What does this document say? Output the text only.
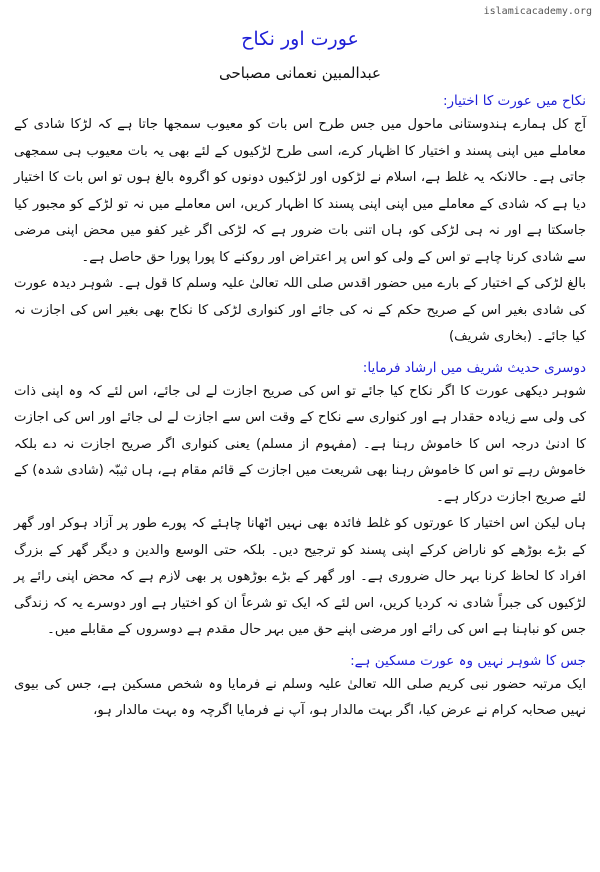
islamicacademy.org
عورت اور نکاح
عبدالمبین نعمانی مصباحی
نکاح میں عورت کا اختیار:

آج کل ہمارے ہندوستانی ماحول میں جس طرح اس بات کو معیوب سمجھا جاتا ہے کہ لڑکا شادی کے معاملے میں اپنی پسند و اختیار کا اظہار کرے، اسی طرح لڑکیوں کے لئے بھی یہ بات معیوب ہی سمجھی جاتی ہے۔ حالانکہ یہ غلط ہے، اسلام نے لڑکوں اور لڑکیوں دونوں کو اگروہ بالغ ہوں تو اس بات کا اختیار دیا ہے کہ شادی کے معاملے میں اپنی اپنی پسند کا اظہار کریں، اس معاملے میں نہ تو لڑکے کو مجبور کیا جاسکتا ہے اور نہ ہی لڑکی کو، ہاں اتنی بات ضرور ہے کہ لڑکی اگر غیر کفو میں محض اپنی مرضی سے شادی کرنا چاہے تو اس کے ولی کو اس پر اعتراض اور روکنے کا پورا پورا حق حاصل ہے۔

بالغ لڑکی کے اختیار کے بارے میں حضور اقدس صلی اللہ تعالیٰ علیہ وسلم کا قول ہے۔ شوہر دیدہ عورت کی شادی بغیر اس کے صریح حکم کے نہ کی جائے اور کنواری لڑکی کا نکاح بھی بغیر اس کی اجازت نہ کیا جائے۔ (بخاری شریف)

دوسری حدیث شریف میں ارشاد فرمایا:

شوہر دیکھی عورت کا اگر نکاح کیا جائے تو اس کی صریح اجازت لے لی جائے، اس لئے کہ وہ اپنی ذات کی ولی سے زیادہ حقدار ہے اور کنواری سے نکاح کے وقت اس سے اجازت لے لی جائے اور اس کی اجازت کا ادنیٰ درجہ اس کا خاموش رہنا ہے۔ (مفہوم از مسلم) یعنی کنواری اگر صریح اجازت نہ دے بلکہ خاموش رہے تو اس کا خاموش رہنا بھی شریعت میں اجازت کے قائم مقام ہے، ہاں ثیبّہ (شادی شدہ) کے لئے صریح اجازت درکار ہے۔

ہاں لیکن اس اختیار کا عورتوں کو غلط فائدہ بھی نہیں اٹھانا چاہئے کہ پورے طور پر آزاد ہوکر اور گھر کے بڑے بوڑھے کو ناراض کرکے اپنی پسند کو ترجیح دیں۔ بلکہ حتی الوسع والدین و دیگر گھر کے بزرگ افراد کا لحاظ کرنا بہر حال ضروری ہے۔ اور گھر کے بڑے بوڑھوں پر بھی لازم ہے کہ محض اپنی رائے پر لڑکیوں کی جبراً شادی نہ کردیا کریں، اس لئے کہ ایک تو شرعاً ان کو اختیار ہے اور دوسرے یہ کہ زندگی جس کو نباہنا ہے اس کی رائے اور مرضی اپنے حق میں بہر حال مقدم ہے دوسروں کے مقابلے میں۔

جس کا شوہر نہیں وہ عورت مسکین ہے:

ایک مرتبہ حضور نبی کریم صلی اللہ تعالیٰ علیہ وسلم نے فرمایا وہ شخص مسکین ہے، جس کی بیوی نہیں صحابہ کرام نے عرض کیا، اگر بہت مالدار ہو، آپ نے فرمایا اگرچہ وہ بہت مالدار ہو،
